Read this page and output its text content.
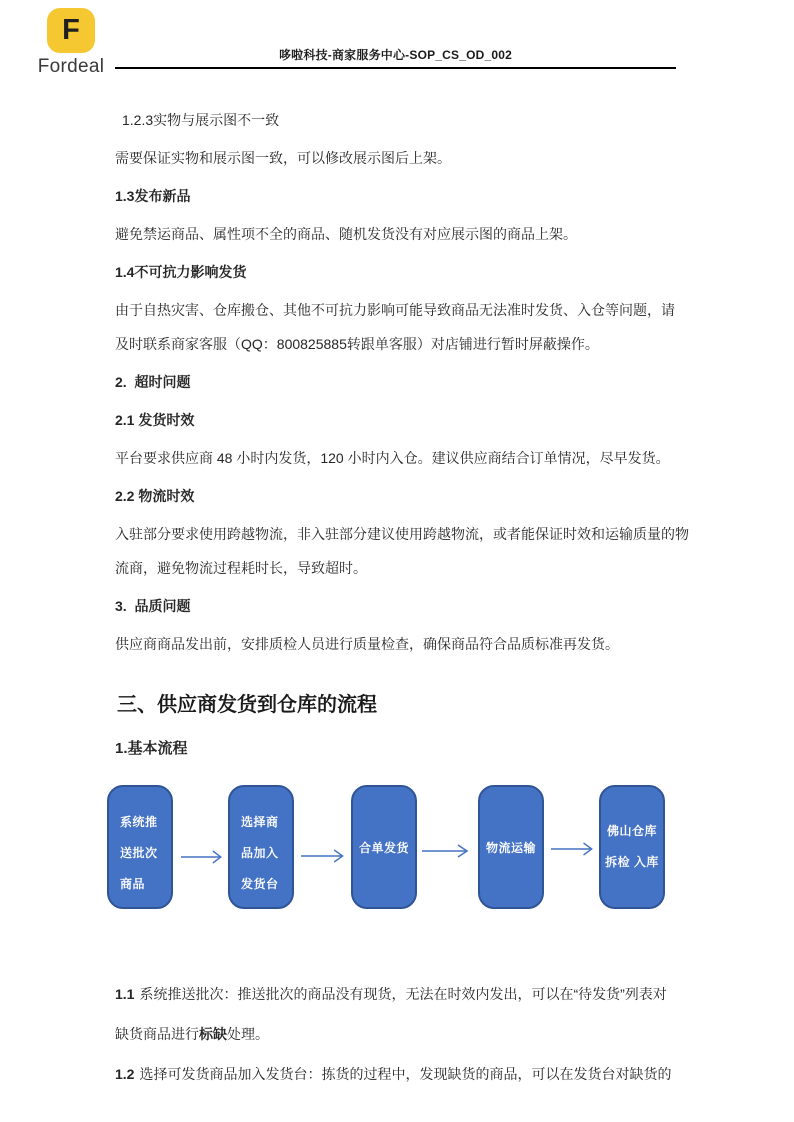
F
Fordeal
哆啦科技-商家服务中心-SOP_CS_OD_002

1.2.3实物与展示图不一致

需要保证实物和展示图一致，可以修改展示图后上架。

1.3发布新品

避免禁运商品、属性项不全的商品、随机发货没有对应展示图的商品上架。

1.4不可抗力影响发货

由于自热灾害、仓库搬仓、其他不可抗力影响可能导致商品无法准时发货、入仓等问题，请
及时联系商家客服（QQ：800825885转跟单客服）对店铺进行暂时屏蔽操作。

2.  超时问题

2.1 发货时效

平台要求供应商 48 小时内发货，120 小时内入仓。建议供应商结合订单情况，尽早发货。

2.2 物流时效

入驻部分要求使用跨越物流，非入驻部分建议使用跨越物流，或者能保证时效和运输质量的物
流商，避免物流过程耗时长，导致超时。

3.  品质问题

供应商商品发出前，安排质检人员进行质量检查，确保商品符合品质标准再发货。

三、供应商发货到仓库的流程
1.基本流程
系统推
送批次
商品
选择商
品加入
发货台
合单发货	物流运输
佛山仓库
拆检 入库

1.1 系统推送批次：推送批次的商品没有现货，无法在时效内发出，可以在“待发货”列表对
缺货商品进行标缺处理。

1.2 选择可发货商品加入发货台：拣货的过程中，发现缺货的商品，可以在发货台对缺货的
